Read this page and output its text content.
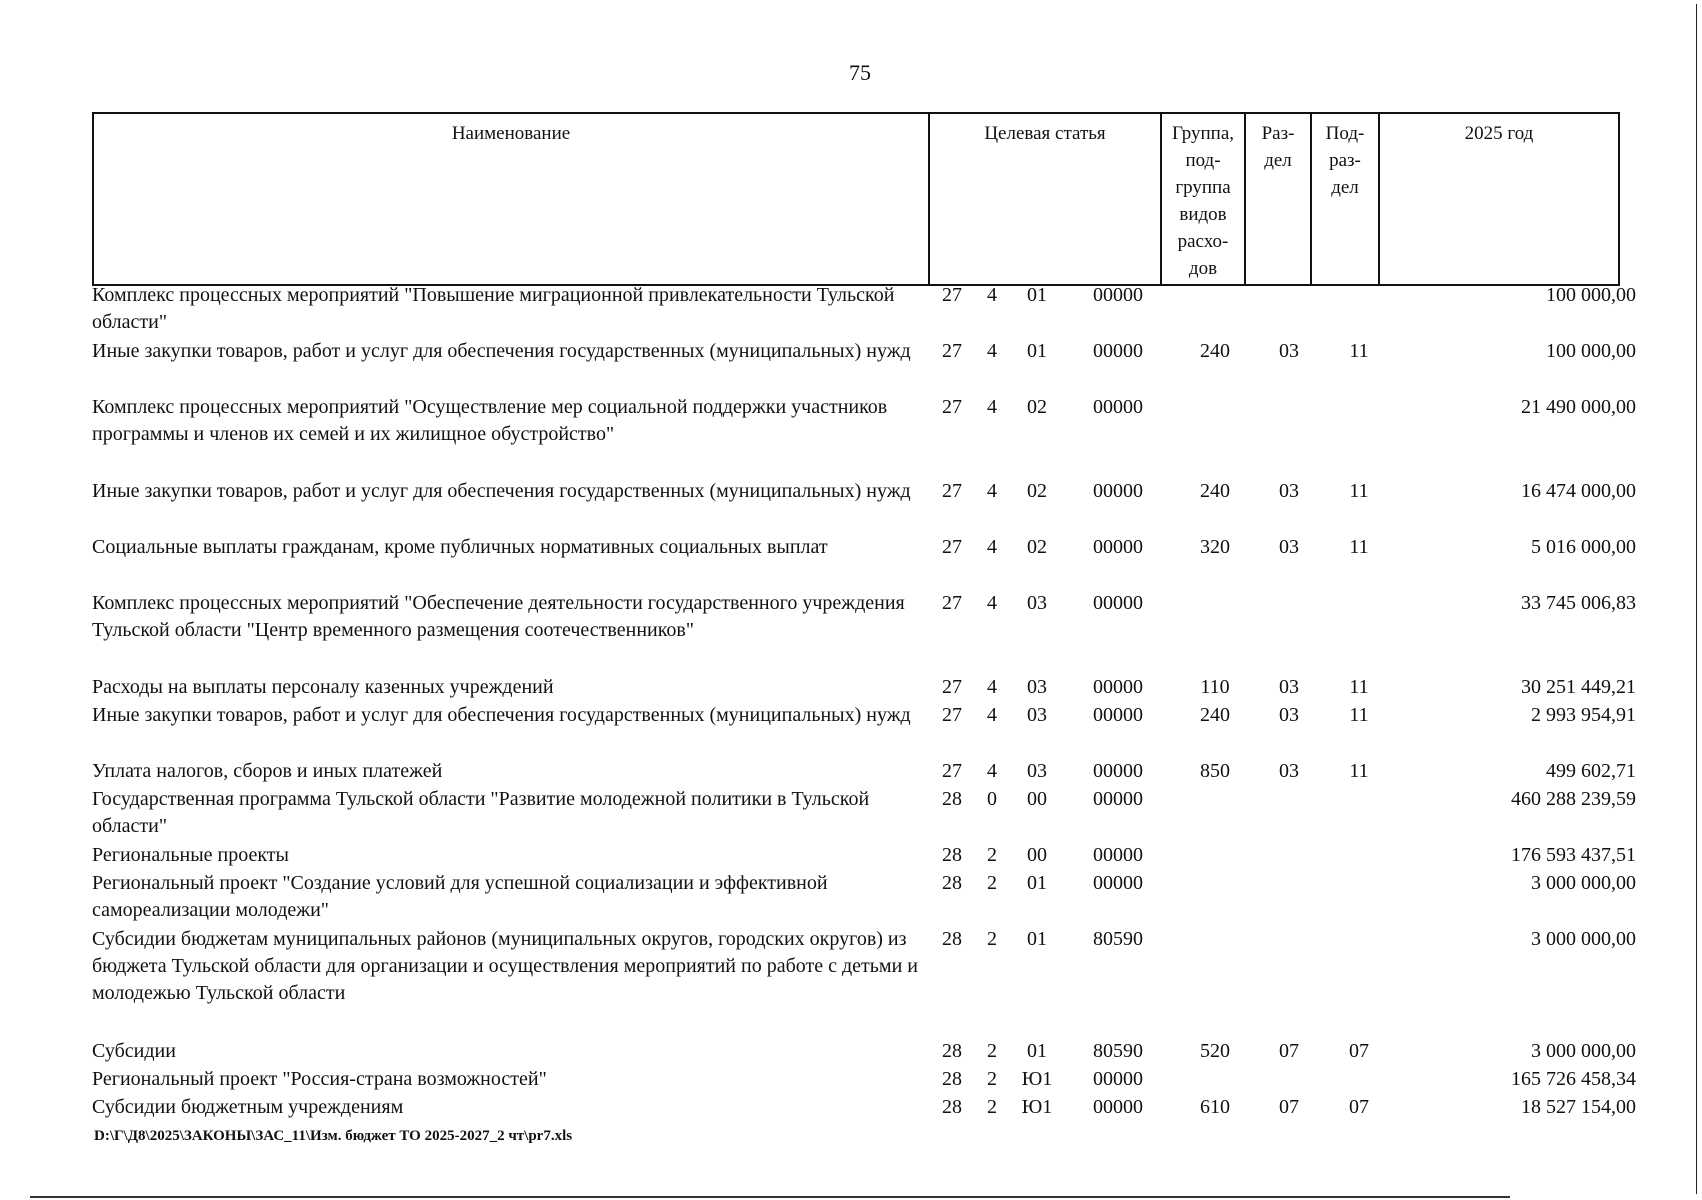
75
Наименование	Целевая статья	Группа,
под-
группа
видов
расхо-
дов	Раз-
дел	Под-
раз-
дел	2025 год
Комплекс процессных мероприятий "Повышение миграционной привлекательности Тульской области"
27	4	01	00000	100 000,00
Иные закупки товаров, работ и услуг для обеспечения государственных (муниципальных) нужд	27	4	01	00000	240	03	11	100 000,00
Комплекс процессных мероприятий "Осуществление мер социальной поддержки участников программы и членов их семей и их жилищное обустройство"
27	4	02	00000	21 490 000,00
Иные закупки товаров, работ и услуг для обеспечения государственных (муниципальных) нужд	27	4	02	00000	240	03	11	16 474 000,00
Социальные выплаты гражданам, кроме публичных нормативных социальных выплат	27	4	02	00000	320	03	11	5 016 000,00
Комплекс процессных мероприятий "Обеспечение деятельности государственного учреждения Тульской области "Центр временного размещения соотечественников"
27	4	03	00000	33 745 006,83
Расходы на выплаты персоналу казенных учреждений	27	4	03	00000	110	03	11	30 251 449,21
Иные закупки товаров, работ и услуг для обеспечения государственных (муниципальных) нужд	27	4	03	00000	240	03	11	2 993 954,91
Уплата налогов, сборов и иных платежей	27	4	03	00000	850	03	11	499 602,71
Государственная программа Тульской области "Развитие молодежной политики в Тульской области"
28	0	00	00000	460 288 239,59
Региональные проекты	28	2	00	00000	176 593 437,51
Региональный проект "Создание условий для успешной социализации и эффективной самореализации молодежи"
28	2	01	00000	3 000 000,00
Субсидии бюджетам муниципальных районов (муниципальных округов, городских округов) из бюджета Тульской области для организации и осуществления мероприятий по работе с детьми и молодежью Тульской области
28	2	01	80590	3 000 000,00
Субсидии	28	2	01	80590	520	07	07	3 000 000,00
Региональный проект "Россия-страна возможностей"	28	2	Ю1	00000	165 726 458,34
Субсидии бюджетным учреждениям	28	2	Ю1	00000	610	07	07	18 527 154,00
D:\Г\Д8\2025\ЗАКОНЫ\ЗАС_11\Изм. бюджет ТО 2025-2027_2 чт\pr7.xls
